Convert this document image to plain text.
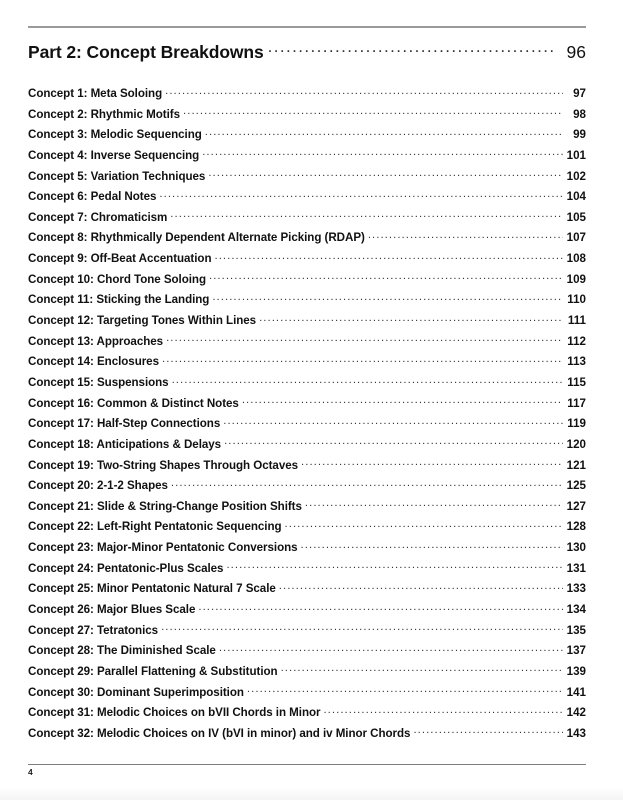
Part 2: Concept Breakdowns .....	96
Concept 1: Meta Soloing .....	97
Concept 2: Rhythmic Motifs .....	98
Concept 3: Melodic Sequencing .....	99
Concept 4: Inverse Sequencing .....	101
Concept 5: Variation Techniques .....	102
Concept 6: Pedal Notes .....	104
Concept 7: Chromaticism .....	105
Concept 8: Rhythmically Dependent Alternate Picking (RDAP) .....	107
Concept 9: Off-Beat Accentuation .....	108
Concept 10: Chord Tone Soloing .....	109
Concept 11: Sticking the Landing .....	110
Concept 12: Targeting Tones Within Lines .....	111
Concept 13: Approaches .....	112
Concept 14: Enclosures .....	113
Concept 15: Suspensions .....	115
Concept 16: Common & Distinct Notes .....	117
Concept 17: Half-Step Connections .....	119
Concept 18: Anticipations & Delays .....	120
Concept 19: Two-String Shapes Through Octaves .....	121
Concept 20: 2-1-2 Shapes .....	125
Concept 21: Slide & String-Change Position Shifts .....	127
Concept 22: Left-Right Pentatonic Sequencing .....	128
Concept 23: Major-Minor Pentatonic Conversions .....	130
Concept 24: Pentatonic-Plus Scales .....	131
Concept 25: Minor Pentatonic Natural 7 Scale .....	133
Concept 26: Major Blues Scale .....	134
Concept 27: Tetratonics .....	135
Concept 28: The Diminished Scale .....	137
Concept 29: Parallel Flattening & Substitution .....	139
Concept 30: Dominant Superimposition .....	141
Concept 31: Melodic Choices on bVII Chords in Minor .....	142
Concept 32: Melodic Choices on IV (bVI in minor) and iv Minor Chords .....	143
4
